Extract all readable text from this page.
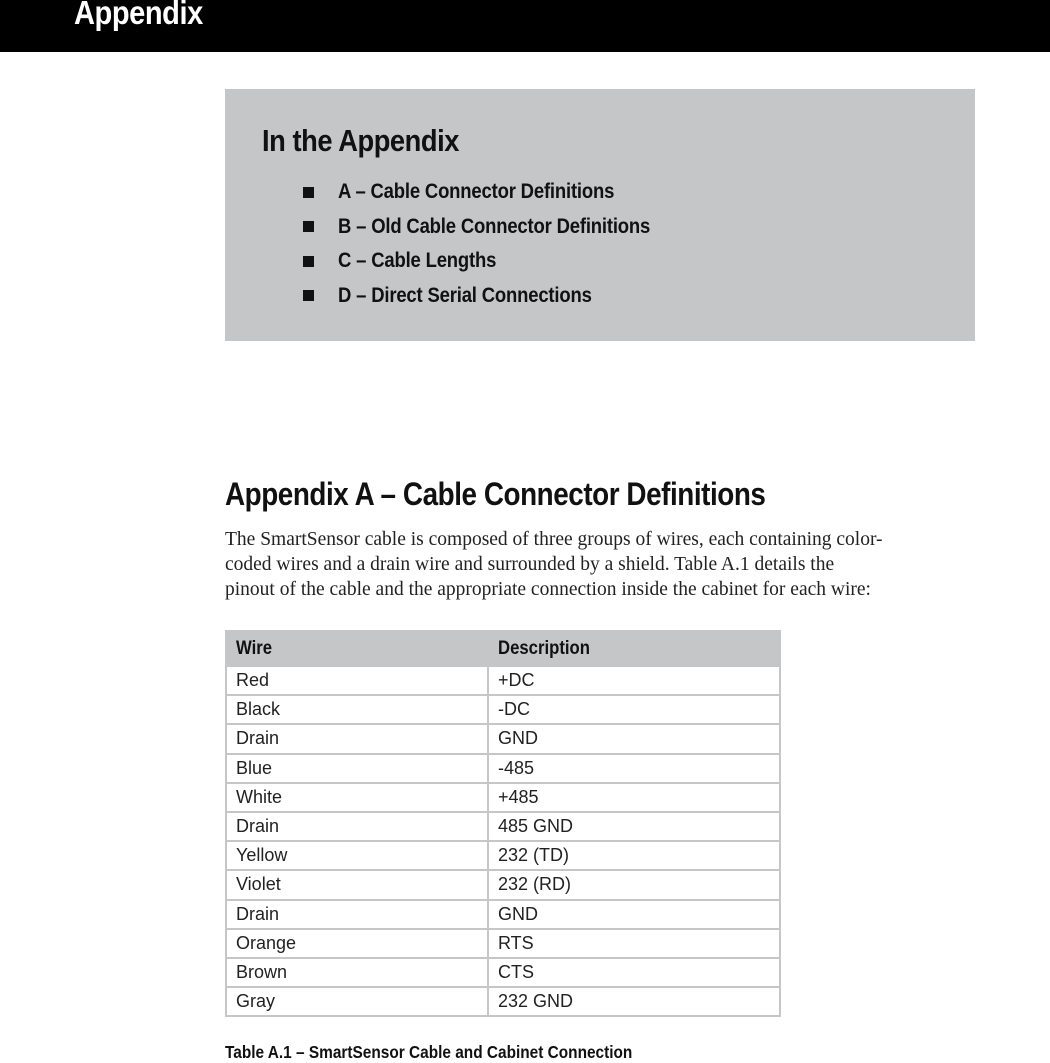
Appendix
In the Appendix
A – Cable Connector Definitions
B – Old Cable Connector Definitions
C – Cable Lengths
D – Direct Serial Connections
Appendix A – Cable Connector Definitions
The SmartSensor cable is composed of three groups of wires, each containing color-
coded wires and a drain wire and surrounded by a shield. Table A.1 details the
pinout of the cable and the appropriate connection inside the cabinet for each wire:
Wire	Description
Red	+DC
Black	-DC
Drain	GND
Blue	-485
White	+485
Drain	485 GND
Yellow	232 (TD)
Violet	232 (RD)
Drain	GND
Orange	RTS
Brown	CTS
Gray	232 GND
Table A.1 – SmartSensor Cable and Cabinet Connection
